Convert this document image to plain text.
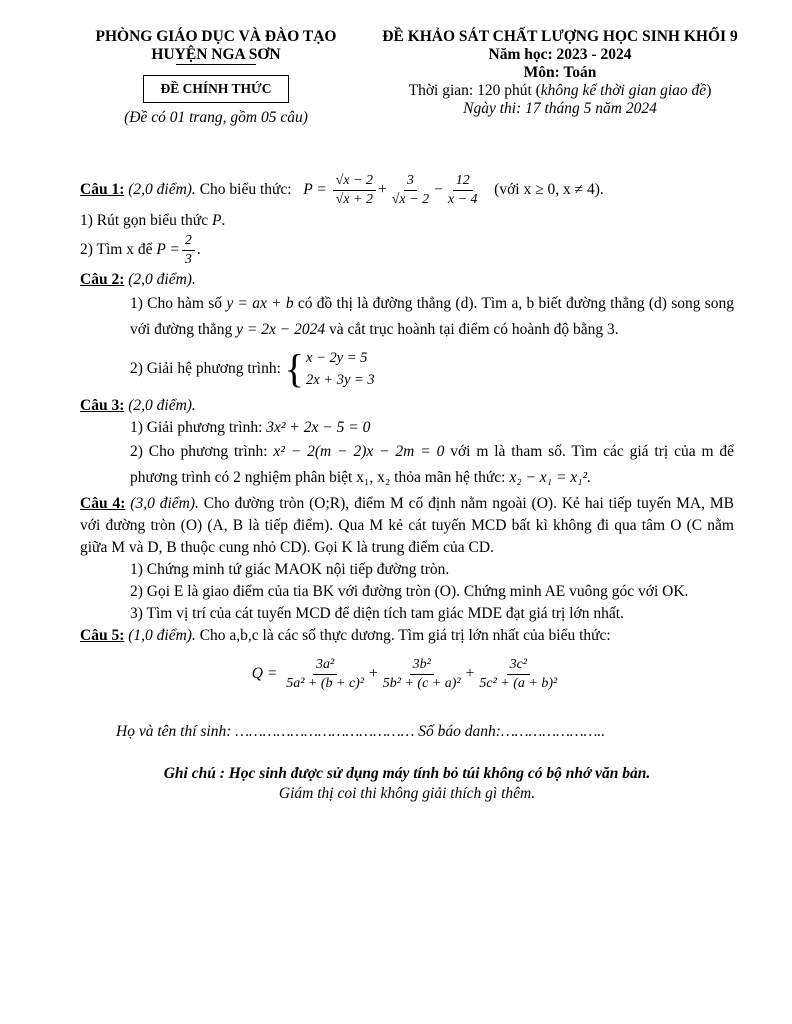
PHÒNG GIÁO DỤC VÀ ĐÀO TẠO
HUYỆN NGA SƠN
ĐỀ CHÍNH THỨC
(Đề có 01 trang, gồm 05 câu)
ĐỀ KHẢO SÁT CHẤT LƯỢNG HỌC SINH KHỐI 9
Năm học: 2023 - 2024
Môn: Toán
Thời gian: 120 phút (không kể thời gian giao đề)
Ngày thi: 17 tháng 5 năm 2024

Câu 1: (2,0 điểm). Cho biểu thức: $P = \frac{√x - 2}{√x + 2} + \frac{3}{√x - 2} - \frac{12}{x - 4}$ (với x ≥ 0, x ≠ 4).

1) Rút gọn biểu thức P.

2) Tìm x để $P = \frac{2}{3}$ .

Câu 2: (2,0 điểm).

1) Cho hàm số y = ax + b có đồ thị là đường thẳng (d). Tìm a, b biết đường thẳng (d) song song với đường thẳng y = 2x − 2024 và cắt trục hoành tại điểm có hoành độ bằng 3.

2) Giải hệ phương trình: { x − 2y = 5
2x + 3y = 3

Câu 3: (2,0 điểm).

1) Giải phương trình: 3x² + 2x − 5 = 0

2) Cho phương trình: x² − 2(m − 2)x − 2m = 0 với m là tham số. Tìm các giá trị của m để phương trình có 2 nghiệm phân biệt x₁, x₂ thỏa mãn hệ thức: x₂ − x₁ = x₁².

Câu 4: (3,0 điểm). Cho đường tròn (O;R), điểm M cố định nằm ngoài (O). Kẻ hai tiếp tuyến MA, MB với đường tròn (O) (A, B là tiếp điểm). Qua M kẻ cát tuyến MCD bất kì không đi qua tâm O (C nằm giữa M và D, B thuộc cung nhỏ CD). Gọi K là trung điểm của CD.

1) Chứng minh tứ giác MAOK nội tiếp đường tròn.

2) Gọi E là giao điểm của tia BK với đường tròn (O). Chứng minh AE vuông góc với OK.

3) Tìm vị trí của cát tuyến MCD để diện tích tam giác MDE đạt giá trị lớn nhất.

Câu 5: (1,0 điểm). Cho a,b,c là các số thực dương. Tìm giá trị lớn nhất của biểu thức:

$Q = \frac{\text{3a²}}{\text{5a² + (b + c)²}} + \frac{\text{3b²}}{\text{5b² + (c + a)²}} + \frac{\text{3c²}}{\text{5c² + (a + b)²}}$

Họ và tên thí sinh: ………………………………… Số báo danh:…………………..

Ghi chú : Học sinh được sử dụng máy tính bỏ túi không có bộ nhớ văn bản.

Giám thị coi thi không giải thích gì thêm.
